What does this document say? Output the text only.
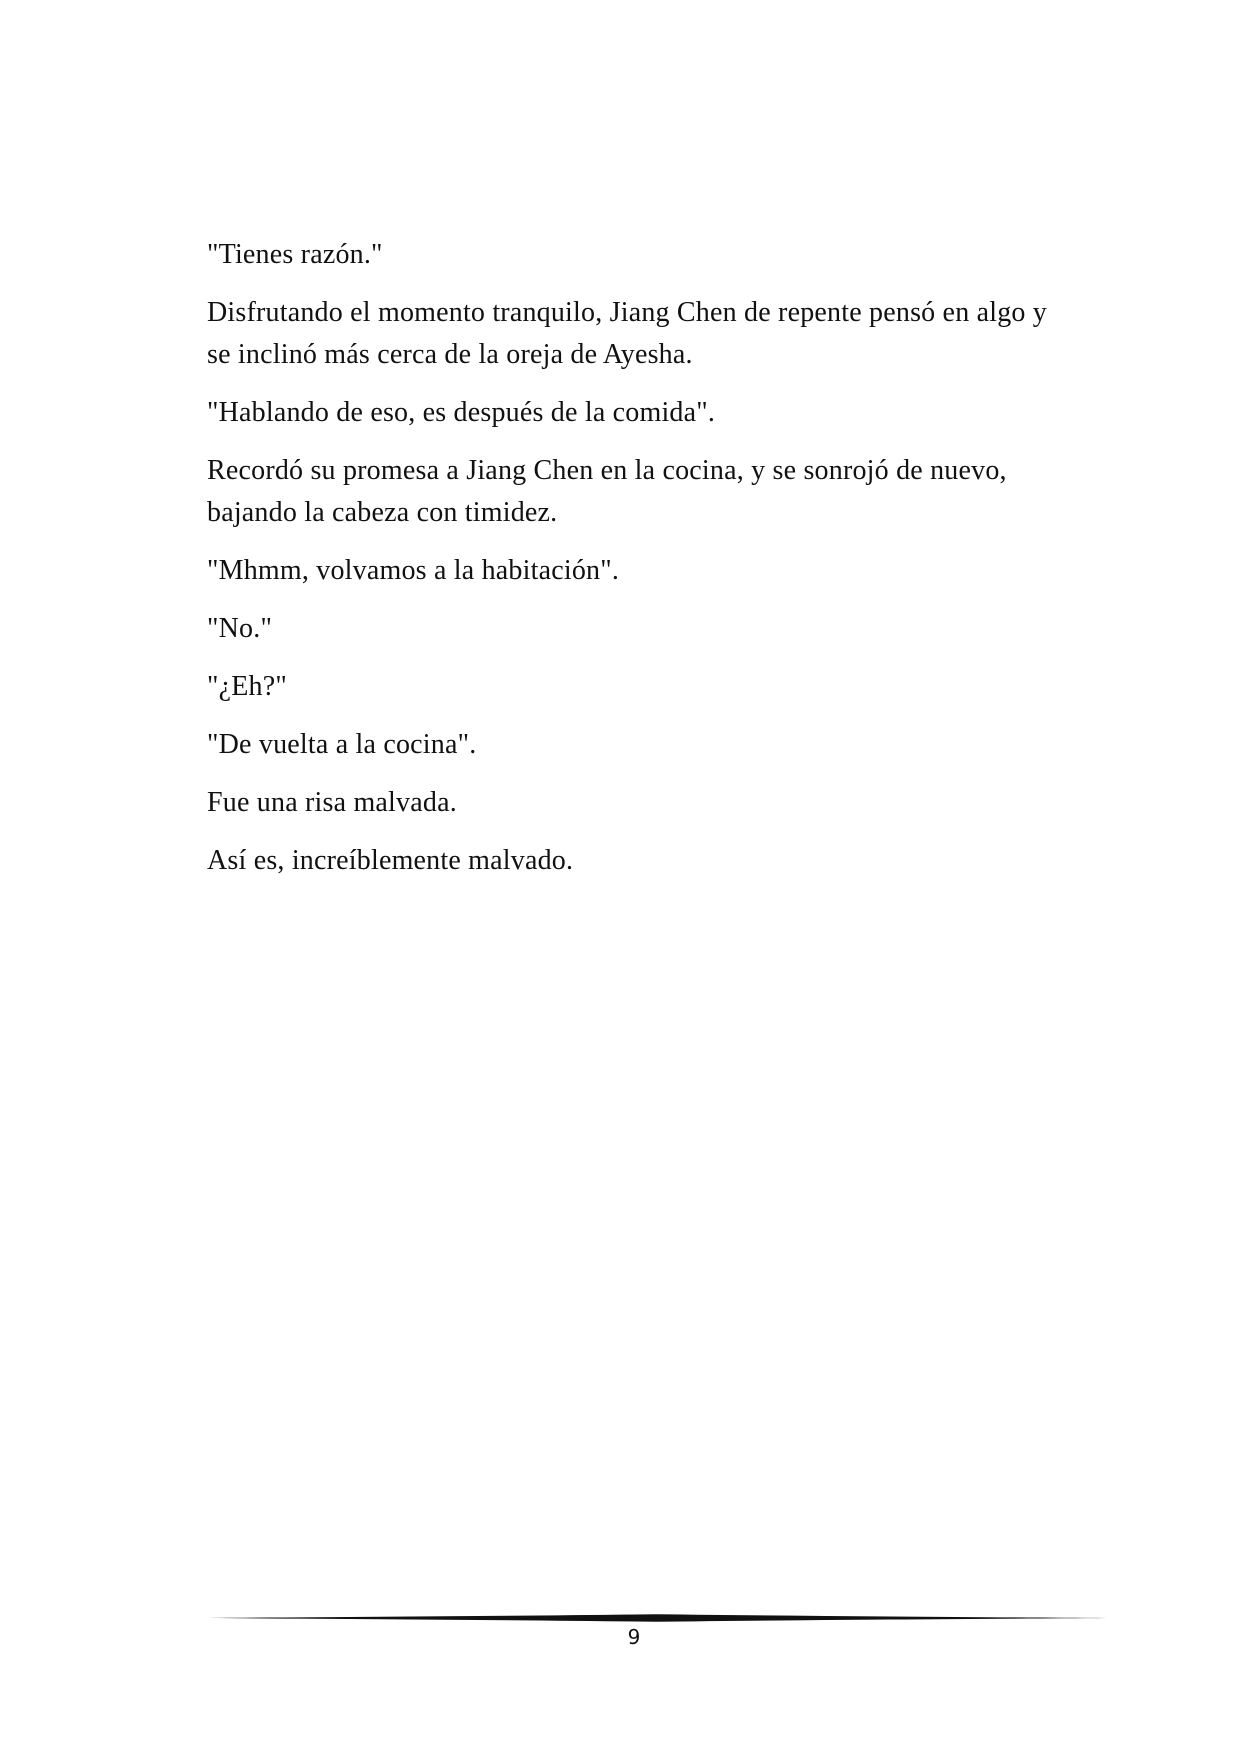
"Tienes razón."

Disfrutando el momento tranquilo, Jiang Chen de repente pensó en algo y se inclinó más cerca de la oreja de Ayesha.

"Hablando de eso, es después de la comida".

Recordó su promesa a Jiang Chen en la cocina, y se sonrojó de nuevo, bajando la cabeza con timidez.

"Mhmm, volvamos a la habitación".

"No."

"¿Eh?"

"De vuelta a la cocina".

Fue una risa malvada.

Así es, increíblemente malvado.

9
